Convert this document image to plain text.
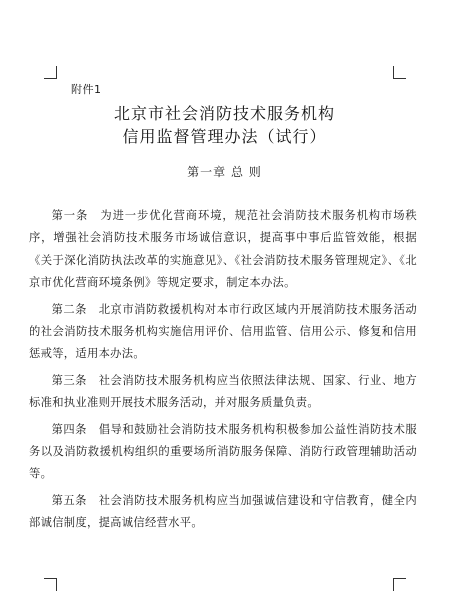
附件1
北京市社会消防技术服务机构
信用监督管理办法（试行）
第一章 总 则

第一条　为进一步优化营商环境，规范社会消防技术服务机构市场秩序，增强社会消防技术服务市场诚信意识，提高事中事后监管效能，根据《关于深化消防执法改革的实施意见》、《社会消防技术服务管理规定》、《北京市优化营商环境条例》等规定要求，制定本办法。

第二条　北京市消防救援机构对本市行政区域内开展消防技术服务活动的社会消防技术服务机构实施信用评价、信用监管、信用公示、修复和信用惩戒等，适用本办法。

第三条　社会消防技术服务机构应当依照法律法规、国家、行业、地方标准和执业准则开展技术服务活动，并对服务质量负责。

第四条　倡导和鼓励社会消防技术服务机构积极参加公益性消防技术服务以及消防救援机构组织的重要场所消防服务保障、消防行政管理辅助活动等。

第五条　社会消防技术服务机构应当加强诚信建设和守信教育，健全内部诚信制度，提高诚信经营水平。
